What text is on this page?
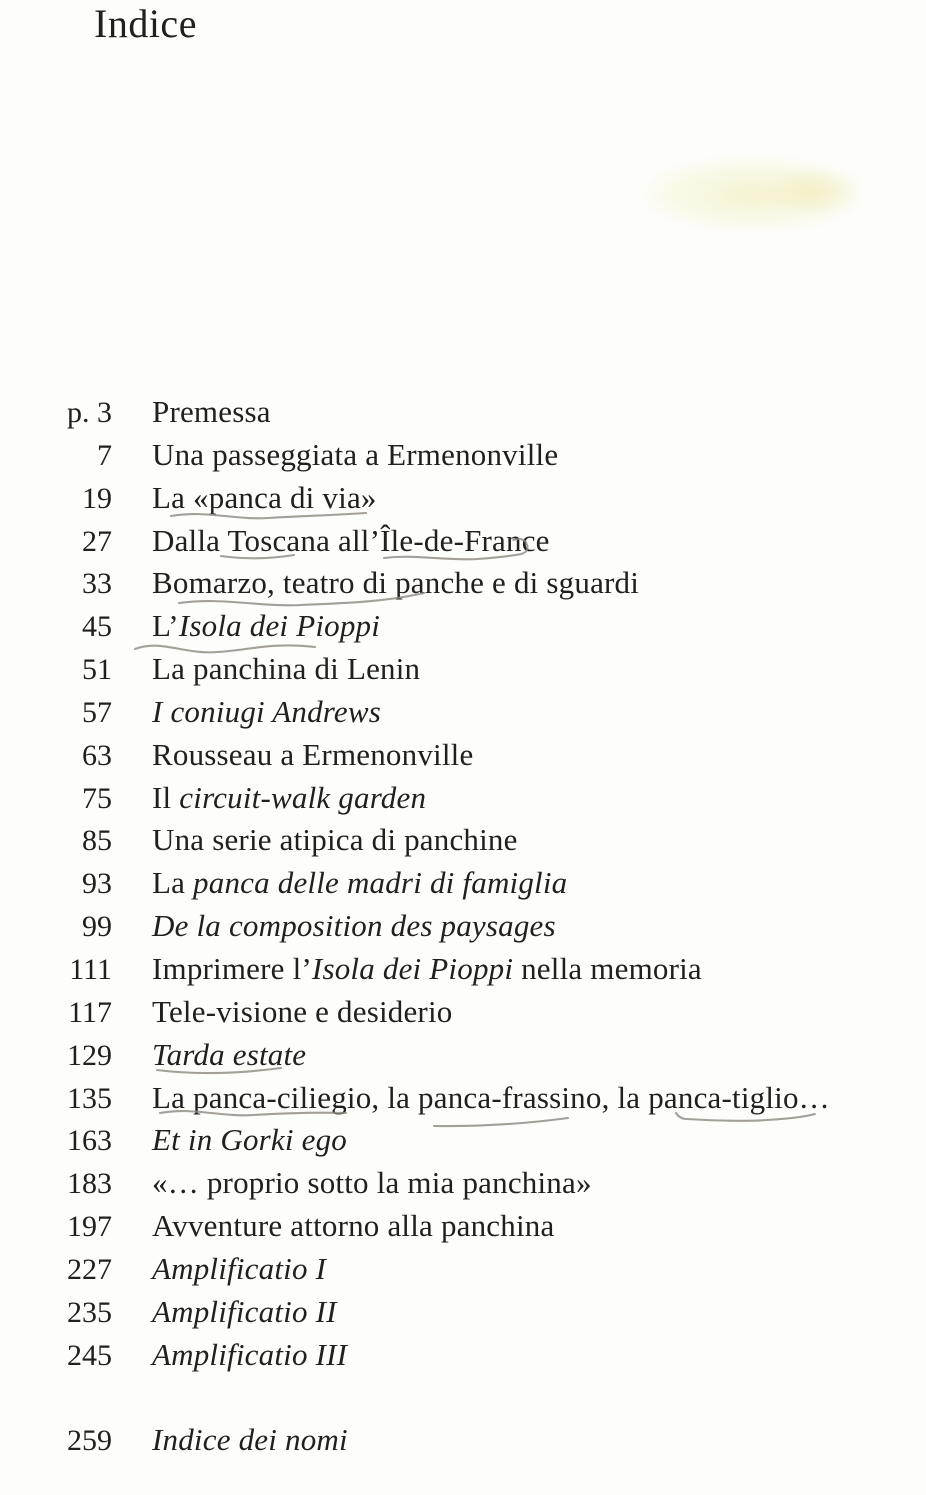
Indice
p. 3 Premessa
7 Una passeggiata a Ermenonville
19 La «panca di via»
27 Dalla Toscana all’Île-de-France
33 Bomarzo, teatro di panche e di sguardi
45 L’Isola dei Pioppi
51 La panchina di Lenin
57 I coniugi Andrews
63 Rousseau a Ermenonville
75 Il circuit-walk garden
85 Una serie atipica di panchine
93 La panca delle madri di famiglia
99 De la composition des paysages
111 Imprimere l’Isola dei Pioppi nella memoria
117 Tele-visione e desiderio
129 Tarda estate
135 La panca-ciliegio, la panca-frassino, la panca-tiglio…
163 Et in Gorki ego
183 «… proprio sotto la mia panchina»
197 Avventure attorno alla panchina
227 Amplificatio I
235 Amplificatio II
245 Amplificatio III
259 Indice dei nomi
